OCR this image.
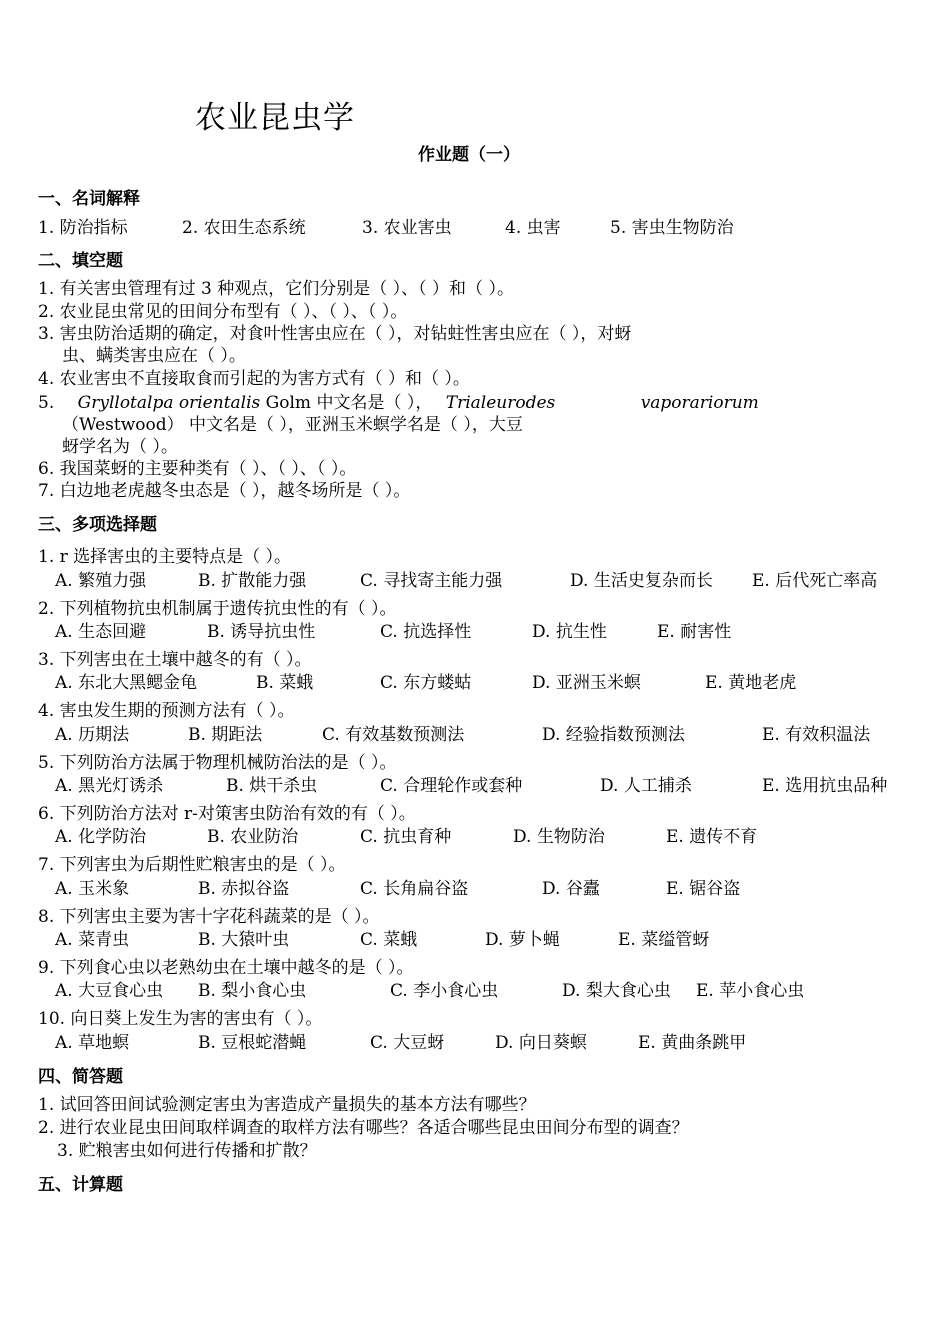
农业昆虫学
作业题（一）
一、名词解释
1. 防治指标	2. 农田生态系统	3. 农业害虫	4. 虫害	5. 害虫生物防治
二、填空题
1. 有关害虫管理有过 3 种观点，它们分别是（ ）、（ ）和（ ）。
2. 农业昆虫常见的田间分布型有（ ）、（ ）、（ ）。
3. 害虫防治适期的确定，对食叶性害虫应在（ ），对钻蛀性害虫应在（ ），对蚜
虫、螨类害虫应在（ ）。
4. 农业害虫不直接取食而引起的为害方式有（ ）和（ ）。
5. Gryllotalpa orientalis Golm 中文名是（ ）， Trialeurodes	vaporariorum
（Westwood） 中文名是（ ），亚洲玉米螟学名是（ ），大豆
蚜学名为（ ）。
6. 我国菜蚜的主要种类有（ ）、（ ）、（ ）。
7. 白边地老虎越冬虫态是（ ），越冬场所是（ ）。
三、多项选择题
1. r 选择害虫的主要特点是（ ）。
A. 繁殖力强	B. 扩散能力强	C. 寻找寄主能力强	D. 生活史复杂而长 E. 后代死亡率高
2. 下列植物抗虫机制属于遗传抗虫性的有（ ）。
A. 生态回避	B. 诱导抗虫性	C. 抗选择性	D. 抗生性	E. 耐害性
3. 下列害虫在土壤中越冬的有（ ）。
A. 东北大黑鳃金龟	B. 菜蛾	C. 东方蝼蛄	D. 亚洲玉米螟	E. 黄地老虎
4. 害虫发生期的预测方法有（ ）。
A. 历期法	B. 期距法	C. 有效基数预测法	D. 经验指数预测法	E. 有效积温法
5. 下列防治方法属于物理机械防治法的是（ ）。
A. 黑光灯诱杀	B. 烘干杀虫	C. 合理轮作或套种	D. 人工捕杀	E. 选用抗虫品种
6. 下列防治方法对 r-对策害虫防治有效的有（ ）。
A. 化学防治	B. 农业防治	C. 抗虫育种	D. 生物防治	E. 遗传不育
7. 下列害虫为后期性贮粮害虫的是（ ）。
A. 玉米象	B. 赤拟谷盗	C. 长角扁谷盗	D. 谷蠹	E. 锯谷盗
8. 下列害虫主要为害十字花科蔬菜的是（ ）。
A. 菜青虫	B. 大猿叶虫	C. 菜蛾	D. 萝卜蝇	E. 菜缢管蚜
9. 下列食心虫以老熟幼虫在土壤中越冬的是（ ）。
A. 大豆食心虫 B. 梨小食心虫	C. 李小食心虫	D. 梨大食心虫 E. 苹小食心虫
10. 向日葵上发生为害的害虫有（ ）。
A. 草地螟	B. 豆根蛇潜蝇	C. 大豆蚜	D. 向日葵螟	E. 黄曲条跳甲
四、简答题
1. 试回答田间试验测定害虫为害造成产量损失的基本方法有哪些？
2. 进行农业昆虫田间取样调查的取样方法有哪些？各适合哪些昆虫田间分布型的调查？
3. 贮粮害虫如何进行传播和扩散？
五、计算题
